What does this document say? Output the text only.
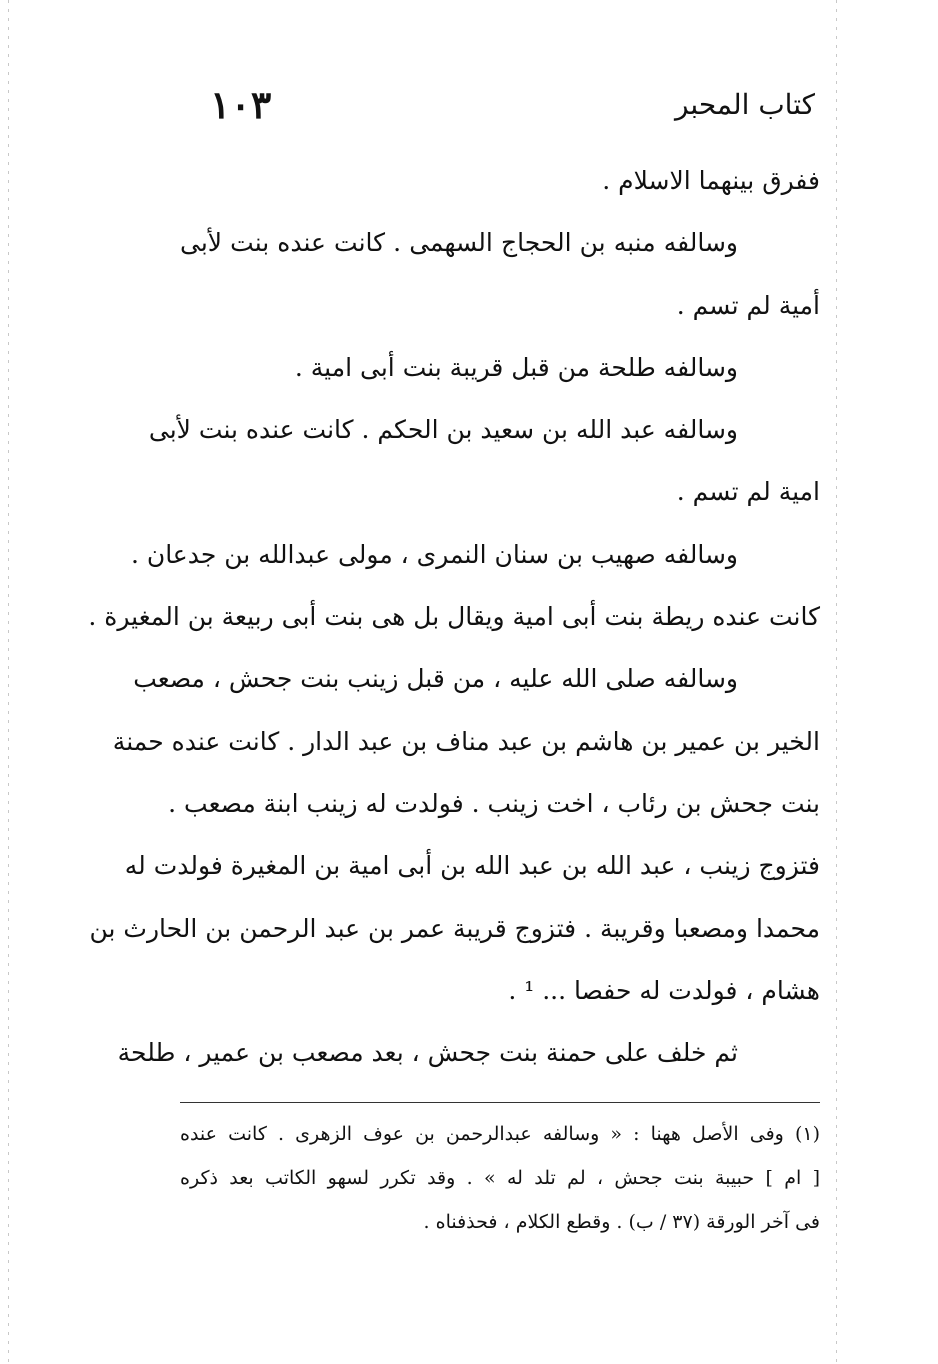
١٠٣	كتاب المحبر
ففرق بينهما الاسلام .
وسالفه منبه بن الحجاج السهمى . كانت عنده بنت لأبى
أمية لم تسم .
وسالفه طلحة من قبل قريبة بنت أبى امية .
وسالفه عبد الله بن سعيد بن الحكم . كانت عنده بنت لأبى
امية لم تسم .
وسالفه صهيب بن سنان النمرى ، مولى عبدالله بن جدعان .
كانت عنده ريطة بنت أبى امية ويقال بل هى بنت أبى ربيعة بن المغيرة .
وسالفه صلى الله عليه ، من قبل زينب بنت جحش ، مصعب
الخير بن عمير بن هاشم بن عبد مناف بن عبد الدار . كانت عنده حمنة
بنت جحش بن رئاب ، اخت زينب . فولدت له زينب ابنة مصعب .
فتزوج زينب ، عبد الله بن عبد الله بن أبى امية بن المغيرة فولدت له
محمدا ومصعبا وقريبة . فتزوج قريبة عمر بن عبد الرحمن بن الحارث بن
هشام ، فولدت له حفصا ... ¹ .
ثم خلف على حمنة بنت جحش ، بعد مصعب بن عمير ، طلحة
(١) وفى الأصل ههنا : « وسالفه عبدالرحمن بن عوف الزهرى . كانت عنده
[ ام ] حبيبة بنت جحش ، لم تلد له » . وقد تكرر لسهو الكاتب بعد ذكره
فى آخر الورقة (٣٧ / ب) . وقطع الكلام ، فحذفناه .
